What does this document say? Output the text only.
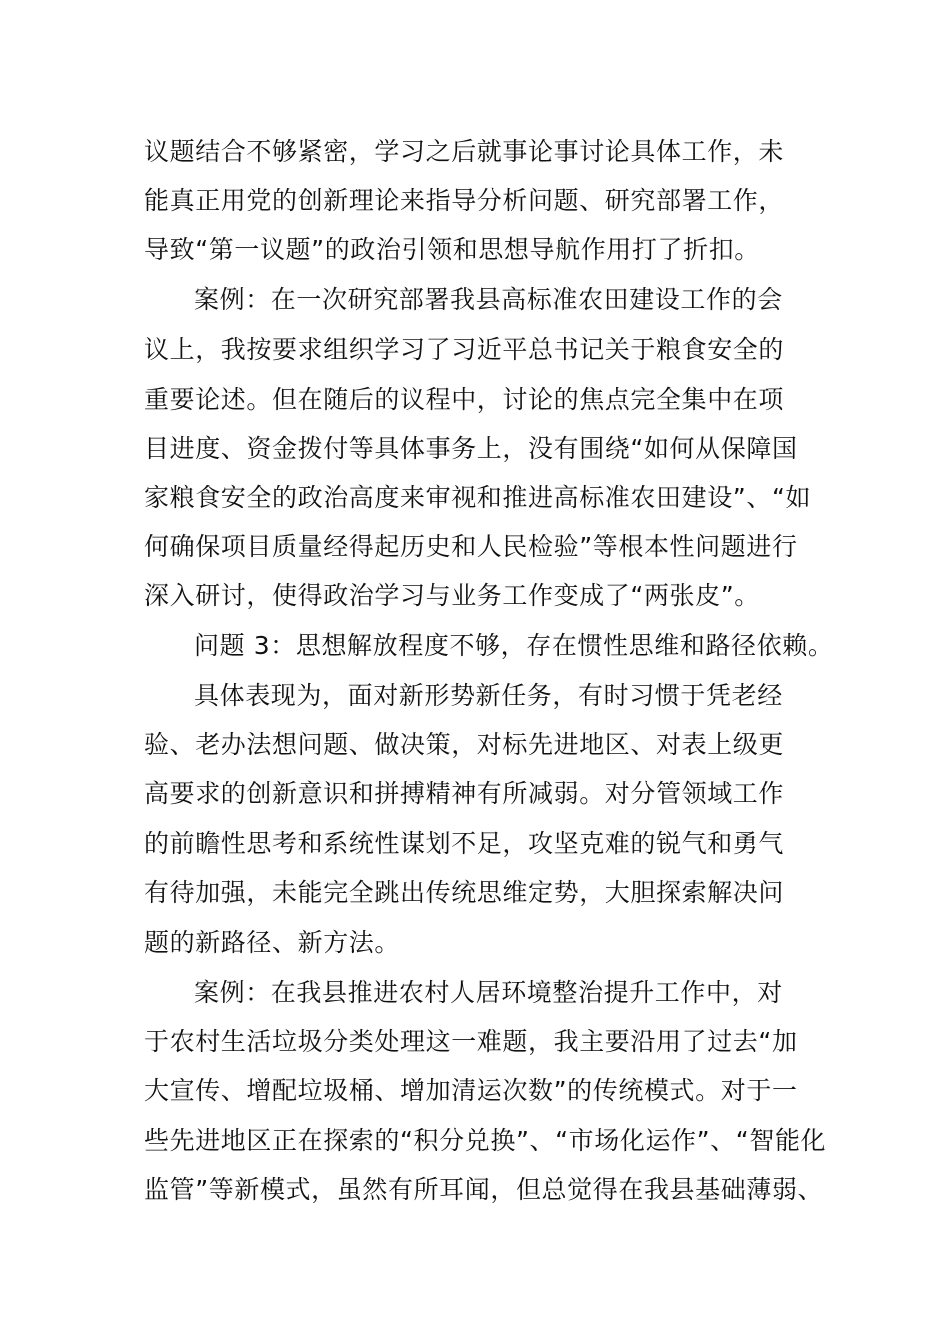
议题结合不够紧密，学习之后就事论事讨论具体工作，未
能真正用党的创新理论来指导分析问题、研究部署工作，
导致“第一议题”的政治引领和思想导航作用打了折扣。
案例：在一次研究部署我县高标准农田建设工作的会
议上，我按要求组织学习了习近平总书记关于粮食安全的
重要论述。但在随后的议程中，讨论的焦点完全集中在项
目进度、资金拨付等具体事务上，没有围绕“如何从保障国
家粮食安全的政治高度来审视和推进高标准农田建设”、“如
何确保项目质量经得起历史和人民检验”等根本性问题进行
深入研讨，使得政治学习与业务工作变成了“两张皮”。
问题 3：思想解放程度不够，存在惯性思维和路径依赖。
具体表现为，面对新形势新任务，有时习惯于凭老经
验、老办法想问题、做决策，对标先进地区、对表上级更
高要求的创新意识和拼搏精神有所减弱。对分管领域工作
的前瞻性思考和系统性谋划不足，攻坚克难的锐气和勇气
有待加强，未能完全跳出传统思维定势，大胆探索解决问
题的新路径、新方法。
案例：在我县推进农村人居环境整治提升工作中，对
于农村生活垃圾分类处理这一难题，我主要沿用了过去“加
大宣传、增配垃圾桶、增加清运次数”的传统模式。对于一
些先进地区正在探索的“积分兑换”、“市场化运作”、“智能化
监管”等新模式，虽然有所耳闻，但总觉得在我县基础薄弱、
